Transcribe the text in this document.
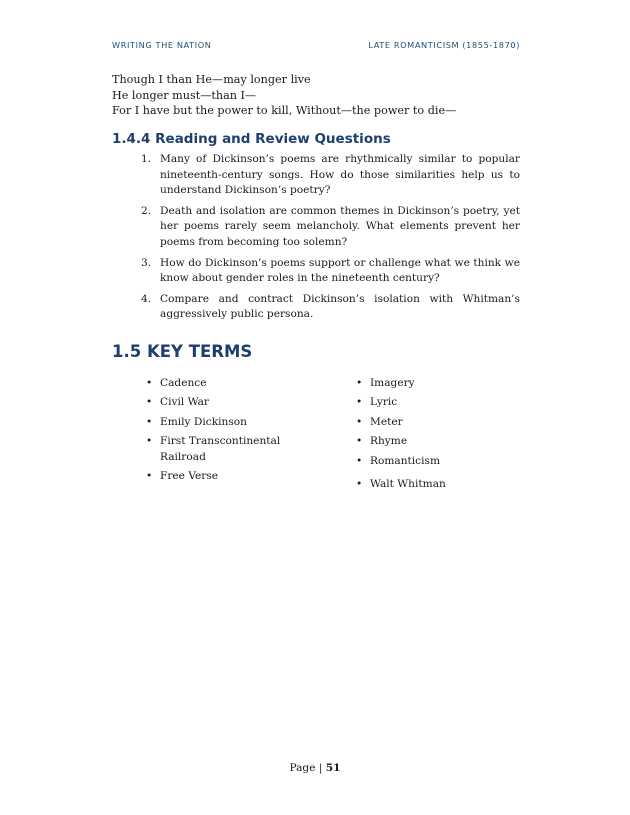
WRITING THE NATION	LATE ROMANTICISM (1855-1870)
Though I than He—may longer live
He longer must—than I—
For I have but the power to kill, Without—the power to die—
1.4.4 Reading and Review Questions
1. Many of Dickinson’s poems are rhythmically similar to popular nineteenth-century songs. How do those similarities help us to understand Dickinson’s poetry?
2. Death and isolation are common themes in Dickinson’s poetry, yet her poems rarely seem melancholy. What elements prevent her poems from becoming too solemn?
3. How do Dickinson’s poems support or challenge what we think we know about gender roles in the nineteenth century?
4. Compare and contract Dickinson’s isolation with Whitman’s aggressively public persona.
1.5 KEY TERMS
• Cadence
• Civil War
• Emily Dickinson
• First Transcontinental Railroad
• Free Verse
• Imagery
• Lyric
• Meter
• Rhyme
• Romanticism
• Walt Whitman
Page | 51
